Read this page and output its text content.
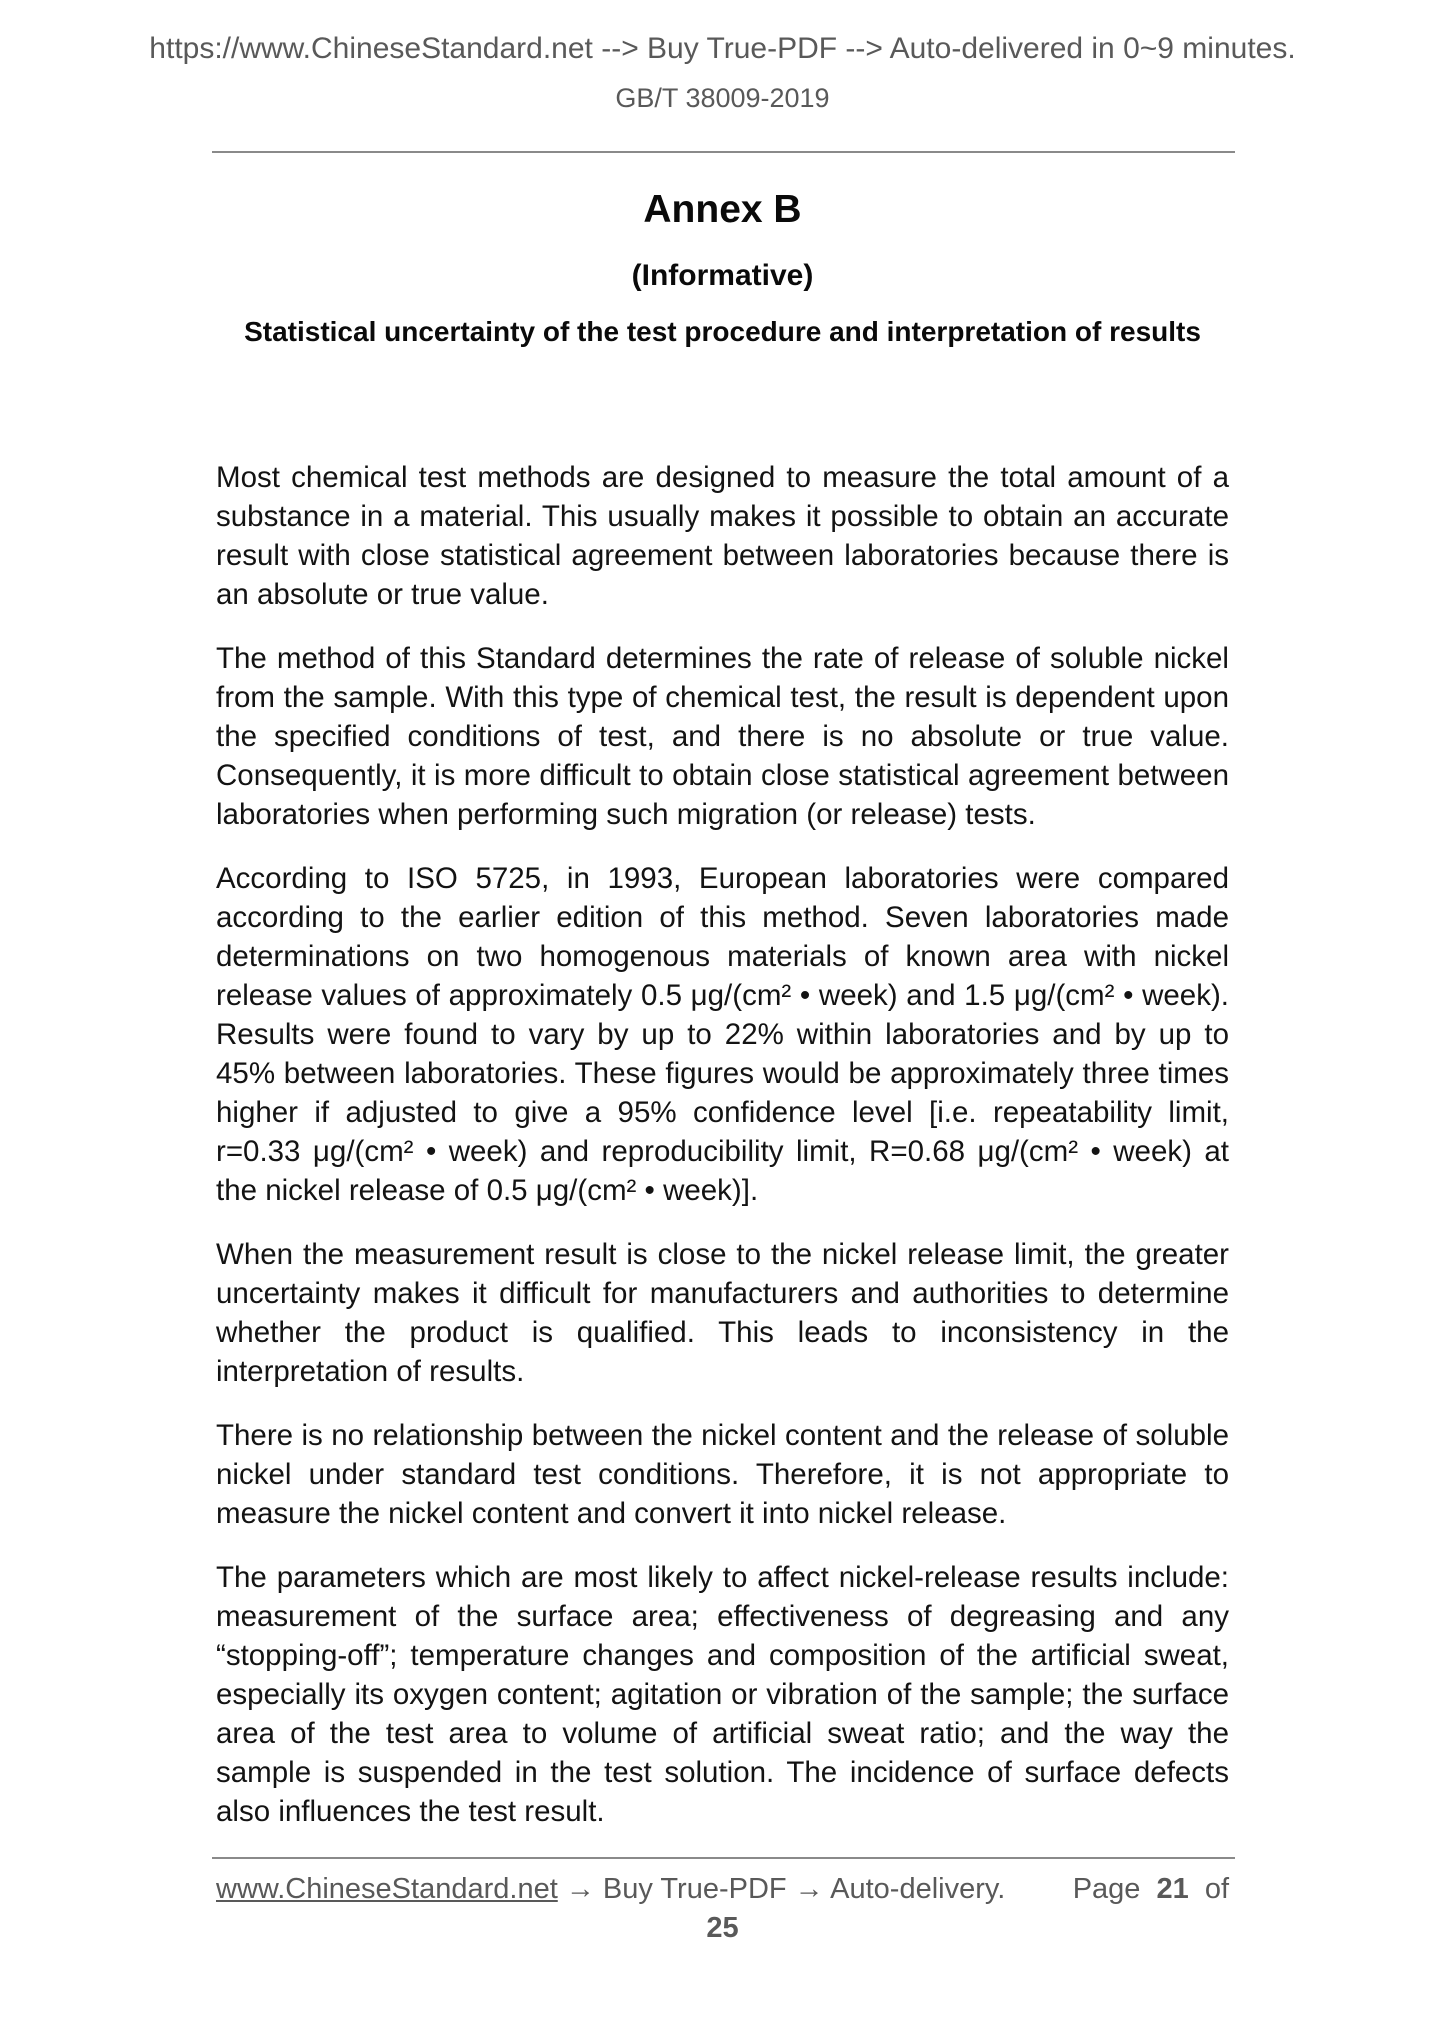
https://www.ChineseStandard.net --> Buy True-PDF --> Auto-delivered in 0~9 minutes.
GB/T 38009-2019
Annex B
(Informative)
Statistical uncertainty of the test procedure and interpretation of results

Most chemical test methods are designed to measure the total amount of a substance in a material. This usually makes it possible to obtain an accurate result with close statistical agreement between laboratories because there is an absolute or true value.

The method of this Standard determines the rate of release of soluble nickel from the sample. With this type of chemical test, the result is dependent upon the specified conditions of test, and there is no absolute or true value. Consequently, it is more difficult to obtain close statistical agreement between laboratories when performing such migration (or release) tests.

According to ISO 5725, in 1993, European laboratories were compared according to the earlier edition of this method. Seven laboratories made determinations on two homogenous materials of known area with nickel release values of approximately 0.5 μg/(cm² • week) and 1.5 μg/(cm² • week). Results were found to vary by up to 22% within laboratories and by up to 45% between laboratories. These figures would be approximately three times higher if adjusted to give a 95% confidence level [i.e. repeatability limit, r=0.33 μg/(cm² • week) and reproducibility limit, R=0.68 μg/(cm² • week) at the nickel release of 0.5 μg/(cm² • week)].

When the measurement result is close to the nickel release limit, the greater uncertainty makes it difficult for manufacturers and authorities to determine whether the product is qualified. This leads to inconsistency in the interpretation of results.

There is no relationship between the nickel content and the release of soluble nickel under standard test conditions. Therefore, it is not appropriate to measure the nickel content and convert it into nickel release.

The parameters which are most likely to affect nickel-release results include: measurement of the surface area; effectiveness of degreasing and any “stopping-off”; temperature changes and composition of the artificial sweat, especially its oxygen content; agitation or vibration of the sample; the surface area of the test area to volume of artificial sweat ratio; and the way the sample is suspended in the test solution. The incidence of surface defects also influences the test result.

www.ChineseStandard.net → Buy True-PDF → Auto-delivery. Page 21 of
25
